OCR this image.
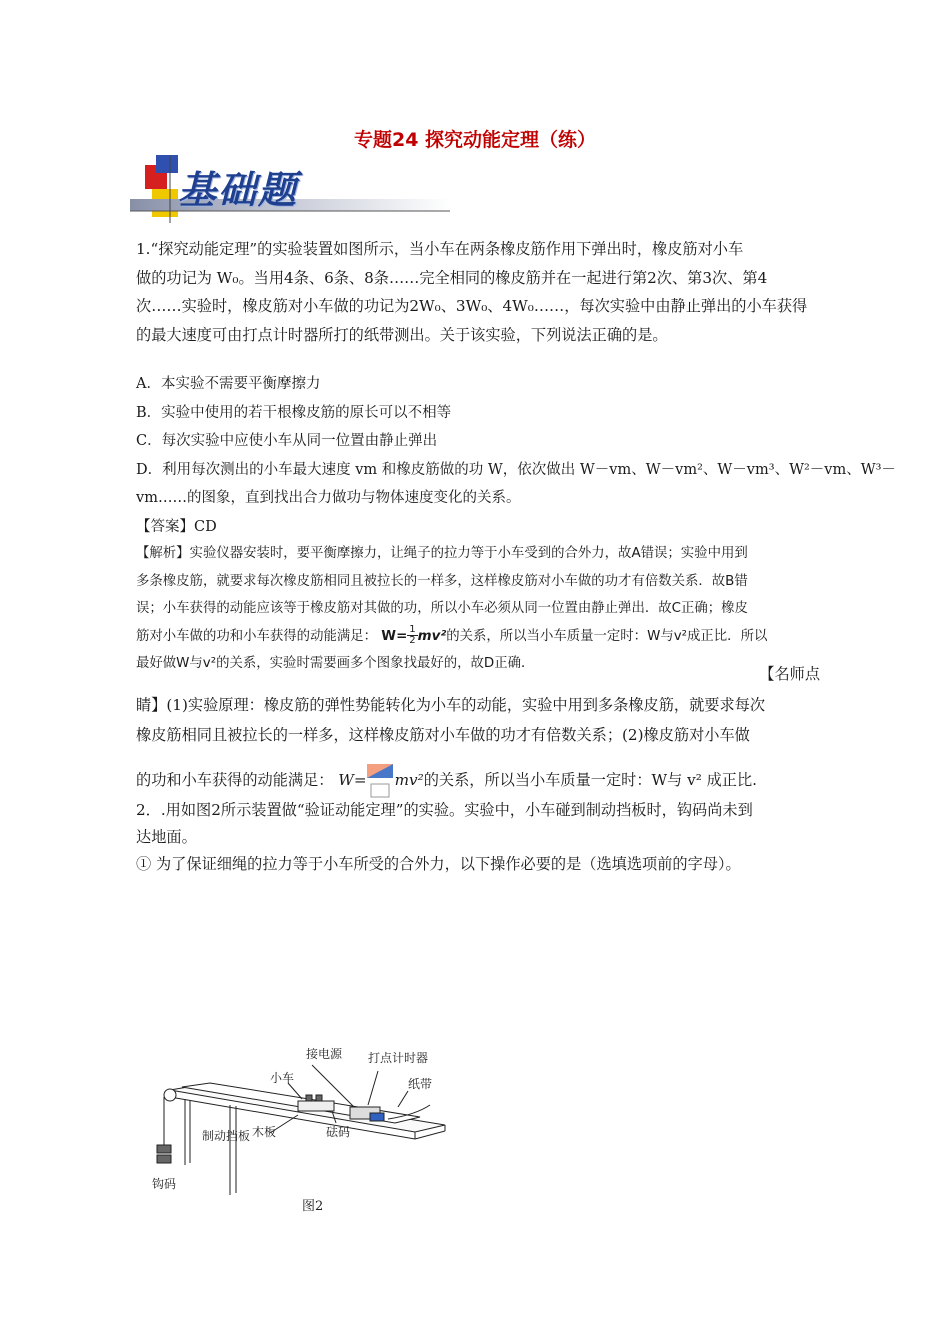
专题24 探究动能定理（练）
基础题
1.“探究动能定理”的实验装置如图所示，当小车在两条橡皮筋作用下弹出时，橡皮筋对小车
做的功记为 W₀。当用4条、6条、8条……完全相同的橡皮筋并在一起进行第2次、第3次、第4
次……实验时，橡皮筋对小车做的功记为2W₀、3W₀、4W₀……，每次实验中由静止弹出的小车获得
的最大速度可由打点计时器所打的纸带测出。关于该实验，下列说法正确的是。
A．本实验不需要平衡摩擦力
B．实验中使用的若干根橡皮筋的原长可以不相等
C．每次实验中应使小车从同一位置由静止弹出
D．利用每次测出的小车最大速度 vm 和橡皮筋做的功 W，依次做出 W－vm、W－vm²、W－vm³、W²－vm、W³－
vm……的图象，直到找出合力做功与物体速度变化的关系。
【答案】CD
【解析】实验仪器安装时，要平衡摩擦力，让绳子的拉力等于小车受到的合外力，故A错误；实验中用到
多条橡皮筋，就要求每次橡皮筋相同且被拉长的一样多，这样橡皮筋对小车做的功才有倍数关系．故B错
误；小车获得的动能应该等于橡皮筋对其做的功，所以小车必须从同一位置由静止弹出．故C正确；橡皮
筋对小车做的功和小车获得的动能满足： $W= \frac{1}{2} mv^2$的关系，所以当小车质量一定时：W与v²成正比．所以
最好做W与v²的关系，实验时需要画多个图象找最好的，故D正确．
【名师点
睛】(1)实验原理：橡皮筋的弹性势能转化为小车的动能，实验中用到多条橡皮筋，就要求每次
橡皮筋相同且被拉长的一样多，这样橡皮筋对小车做的功才有倍数关系；(2)橡皮筋对小车做
的功和小车获得的动能满足： W= mv²的关系，所以当小车质量一定时：W与 v² 成正比.
2．.用如图2所示装置做“验证动能定理”的实验。实验中，小车碰到制动挡板时，钩码尚未到
达地面。
① 为了保证细绳的拉力等于小车所受的合外力，以下操作必要的是（选填选项前的字母）。
接电源 打点计时器
小车	纸带
制动挡板 木板	砝码
钩码
图2
